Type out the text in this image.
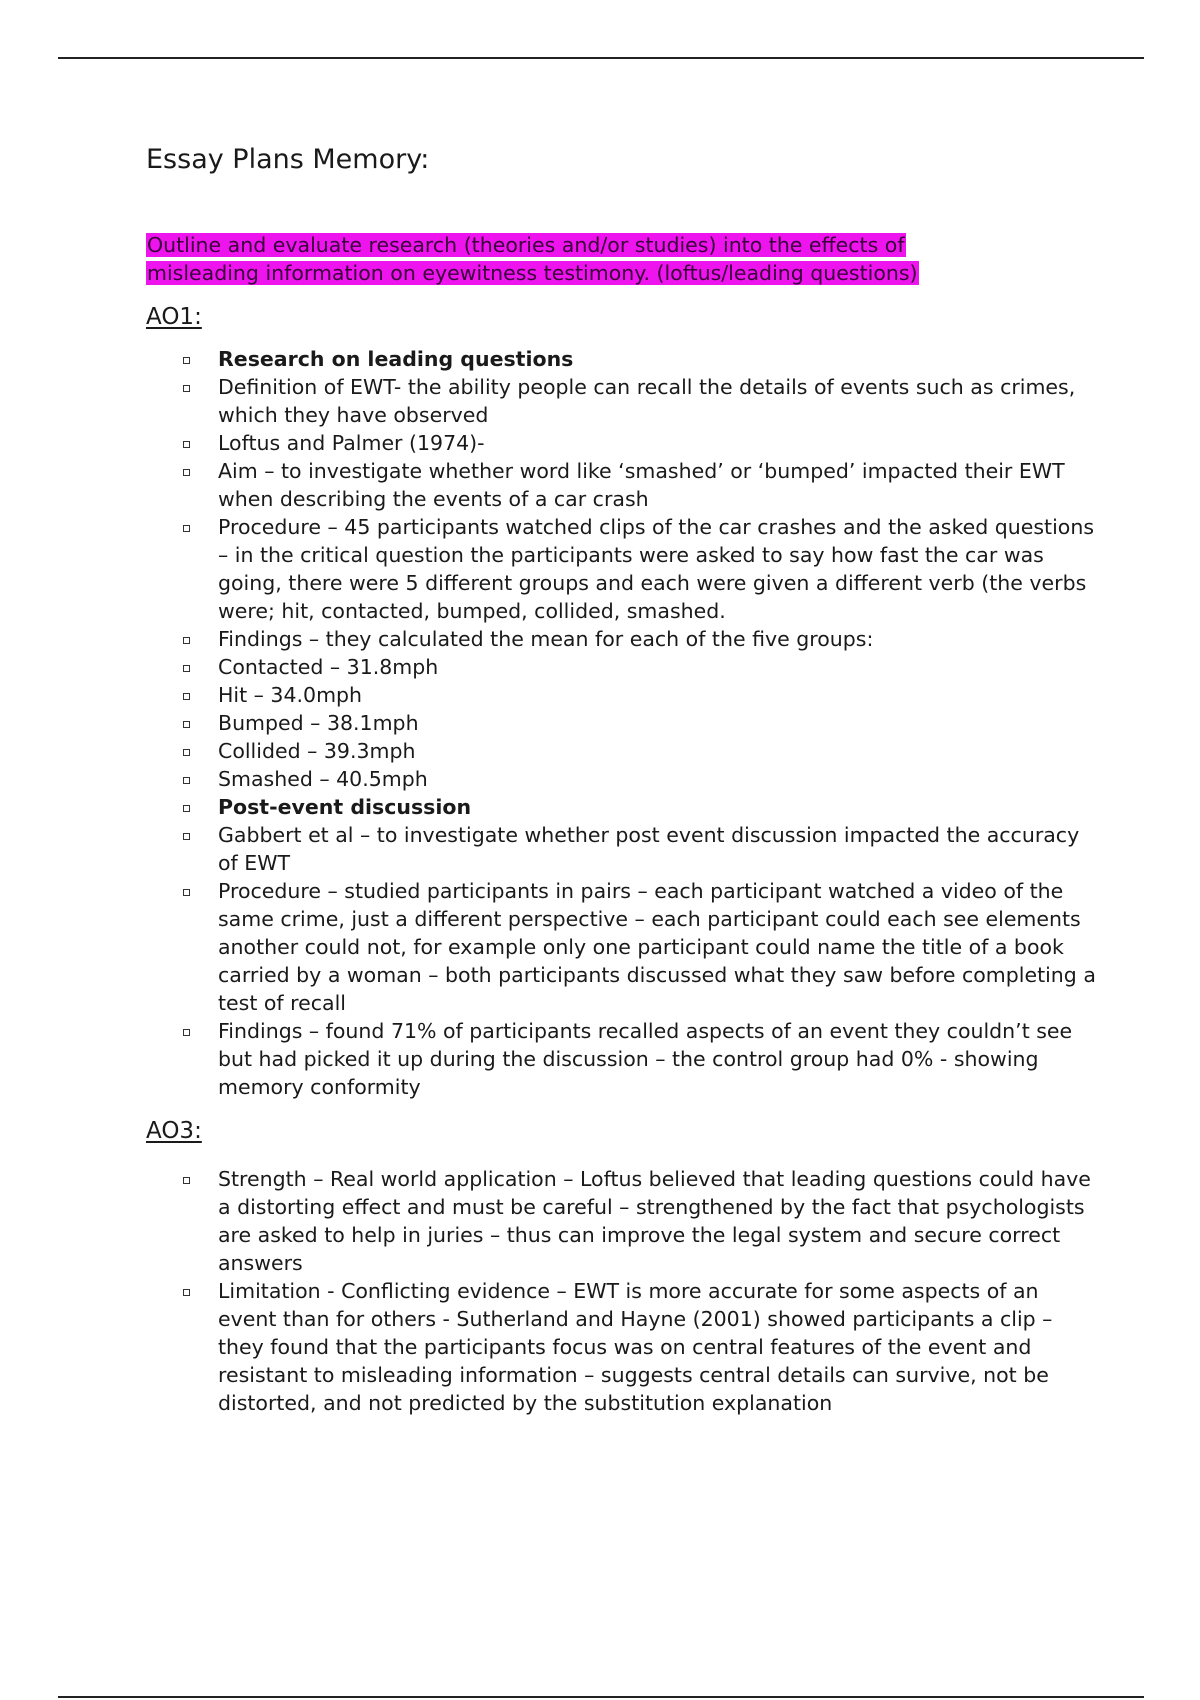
Essay Plans Memory:
Outline and evaluate research (theories and/or studies) into the effects of misleading information on eyewitness testimony. (loftus/leading questions)
AO1:
Research on leading questions
Definition of EWT- the ability people can recall the details of events such as crimes, which they have observed
Loftus and Palmer (1974)-
Aim – to investigate whether word like ‘smashed’ or ‘bumped’ impacted their EWT when describing the events of a car crash
Procedure – 45 participants watched clips of the car crashes and the asked questions – in the critical question the participants were asked to say how fast the car was going, there were 5 different groups and each were given a different verb (the verbs were; hit, contacted, bumped, collided, smashed.
Findings – they calculated the mean for each of the five groups:
Contacted – 31.8mph
Hit – 34.0mph
Bumped – 38.1mph
Collided – 39.3mph
Smashed – 40.5mph
Post-event discussion
Gabbert et al – to investigate whether post event discussion impacted the accuracy of EWT
Procedure – studied participants in pairs – each participant watched a video of the same crime, just a different perspective – each participant could each see elements another could not, for example only one participant could name the title of a book carried by a woman – both participants discussed what they saw before completing a test of recall
Findings – found 71% of participants recalled aspects of an event they couldn’t see but had picked it up during the discussion – the control group had 0% - showing memory conformity
AO3:
Strength – Real world application – Loftus believed that leading questions could have a distorting effect and must be careful – strengthened by the fact that psychologists are asked to help in juries – thus can improve the legal system and secure correct answers
Limitation - Conflicting evidence – EWT is more accurate for some aspects of an event than for others - Sutherland and Hayne (2001) showed participants a clip – they found that the participants focus was on central features of the event and resistant to misleading information – suggests central details can survive, not be distorted, and not predicted by the substitution explanation
